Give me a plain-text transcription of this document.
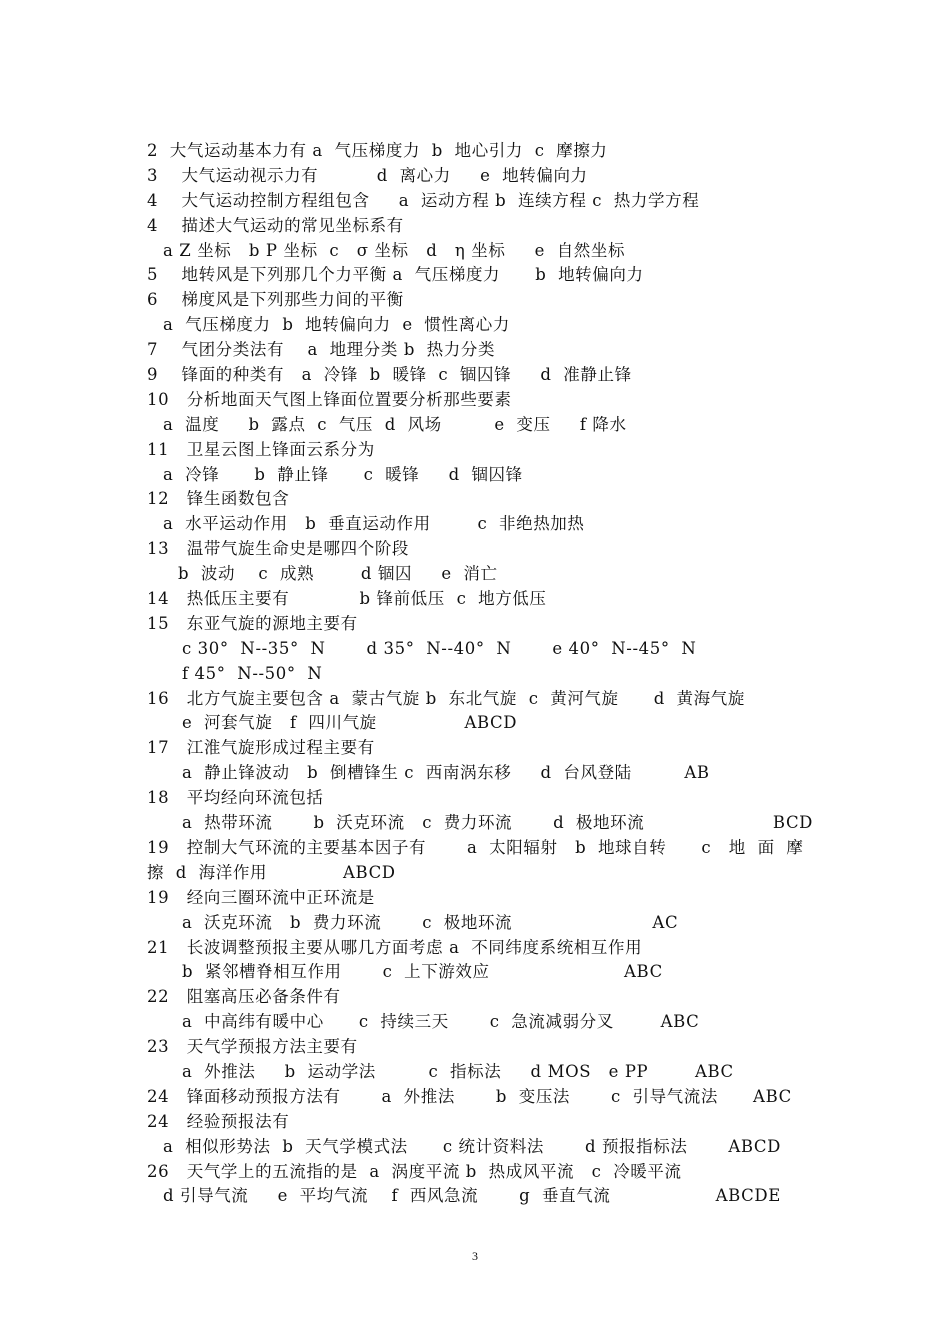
2  大气运动基本力有 a  气压梯度力  b  地心引力  c  摩擦力
3    大气运动视示力有          d  离心力     e  地转偏向力
4    大气运动控制方程组包含     a  运动方程 b  连续方程 c  热力学方程
4    描述大气运动的常见坐标系有
a Z 坐标   b P 坐标  c   σ 坐标   d   η 坐标     e  自然坐标
5    地转风是下列那几个力平衡 a  气压梯度力      b  地转偏向力
6    梯度风是下列那些力间的平衡
a  气压梯度力  b  地转偏向力  e  惯性离心力
7    气团分类法有    a  地理分类 b  热力分类
9    锋面的种类有   a  冷锋  b  暖锋  c  锢囚锋     d  准静止锋
10   分析地面天气图上锋面位置要分析那些要素
a  温度     b  露点  c  气压  d  风场         e  变压     f 降水
11   卫星云图上锋面云系分为
a  冷锋      b  静止锋      c  暖锋     d  锢囚锋
12   锋生函数包含
a  水平运动作用   b  垂直运动作用        c  非绝热加热
13   温带气旋生命史是哪四个阶段
b  波动    c  成熟        d 锢囚     e  消亡
14   热低压主要有            b 锋前低压  c  地方低压
15   东亚气旋的源地主要有
c 30°  N--35°  N       d 35°  N--40°  N       e 40°  N--45°  N
f 45°  N--50°  N
16   北方气旋主要包含 a  蒙古气旋 b  东北气旋  c  黄河气旋      d  黄海气旋
e  河套气旋   f  四川气旋               ABCD
17   江淮气旋形成过程主要有
a  静止锋波动   b  倒槽锋生 c  西南涡东移     d  台风登陆         AB
18   平均经向环流包括
a  热带环流       b  沃克环流   c  费力环流       d  极地环流                      BCD
19   控制大气环流的主要基本因子有       a  太阳辐射   b  地球自转      c   地  面  摩
擦  d  海洋作用             ABCD
19   经向三圈环流中正环流是
a  沃克环流   b  费力环流       c  极地环流                        AC
21   长波调整预报主要从哪几方面考虑 a  不同纬度系统相互作用
b  紧邻槽脊相互作用       c  上下游效应                       ABC
22   阻塞高压必备条件有
a  中高纬有暖中心      c  持续三天       c  急流减弱分叉        ABC
23   天气学预报方法主要有
a  外推法     b  运动学法         c  指标法     d MOS   e PP        ABC
24   锋面移动预报方法有       a  外推法       b  变压法       c  引导气流法      ABC
24   经验预报法有
a  相似形势法  b  天气学模式法      c 统计资料法       d 预报指标法       ABCD
26   天气学上的五流指的是  a  涡度平流 b  热成风平流   c  冷暖平流
d 引导气流     e  平均气流    f  西风急流       g  垂直气流                  ABCDE
3
